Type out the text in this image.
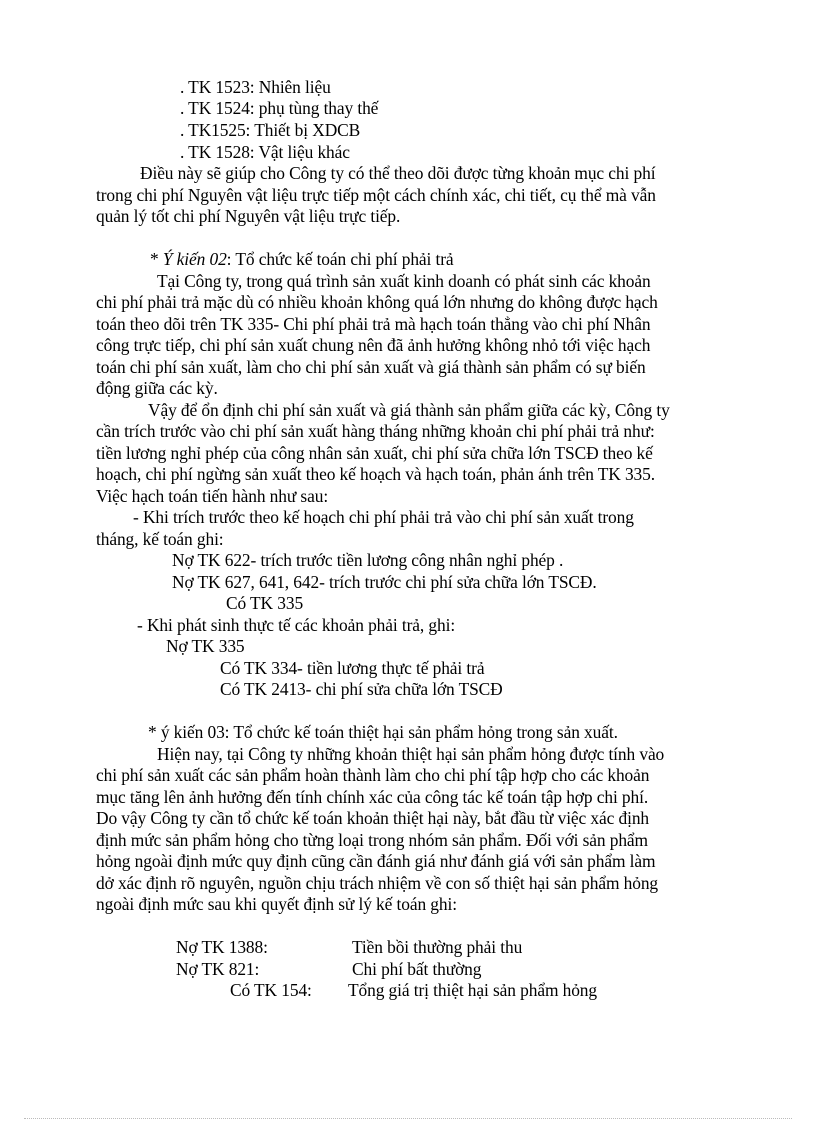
. TK 1523: Nhiên liệu
. TK 1524: phụ tùng thay thế
. TK1525: Thiết bị XDCB
. TK 1528: Vật liệu khác
Điều này sẽ giúp cho Công ty có thể theo dõi được từng khoản mục chi phí
trong chi phí Nguyên vật liệu trực tiếp một cách chính xác, chi tiết, cụ thể mà vẫn
quản lý tốt chi phí Nguyên vật liệu trực tiếp.
* Ý kiến 02: Tổ chức kế toán chi phí phải trả
Tại Công ty, trong quá trình sản xuất kinh doanh có phát sinh các khoản
chi phí phải trả mặc dù có nhiều khoản không quá lớn nhưng do không được hạch
toán theo dõi trên TK 335- Chi phí phải trả mà hạch toán thẳng vào chi phí Nhân
công trực tiếp, chi phí sản xuất chung nên đã ảnh hưởng không nhỏ tới việc hạch
toán chi phí sản xuất, làm cho chi phí sản xuất và giá thành sản phẩm có sự biến
động giữa các kỳ.
Vậy để ổn định chi phí sản xuất và giá thành sản phẩm giữa các kỳ, Công ty
cần trích trước vào chi phí sản xuất hàng tháng những khoản chi phí phải trả như:
tiền lương nghỉ phép của công nhân sản xuất, chi phí sửa chữa lớn TSCĐ theo kế
hoạch, chi phí ngừng sản xuất theo kế hoạch và hạch toán, phản ánh trên TK 335.
Việc hạch toán tiến hành như sau:
- Khi trích trước theo kế hoạch chi phí phải trả vào chi phí sản xuất trong
tháng, kế toán ghi:
Nợ TK 622- trích trước tiền lương công nhân nghỉ phép .
Nợ TK 627, 641, 642- trích trước chi phí sửa chữa lớn TSCĐ.
Có TK 335
- Khi phát sinh thực tế các khoản phải trả, ghi:
Nợ TK 335
Có TK 334- tiền lương thực tế phải trả
Có TK 2413- chi phí sửa chữa lớn TSCĐ
* ý kiến 03: Tổ chức kế toán thiệt hại sản phẩm hỏng trong sản xuất.
Hiện nay, tại Công ty những khoản thiệt hại sản phẩm hỏng được tính vào
chi phí sản xuất các sản phẩm hoàn thành làm cho chi phí tập hợp cho các khoản
mục tăng lên ảnh hưởng đến tính chính xác của công tác kế toán tập hợp chi phí.
Do vậy Công ty cần tổ chức kế toán khoản thiệt hại này, bắt đầu từ việc xác định
định mức sản phẩm hỏng cho từng loại trong nhóm sản phẩm. Đối với sản phẩm
hỏng ngoài định mức quy định cũng cần đánh giá như đánh giá với sản phẩm làm
dở xác định rõ nguyên, nguồn chịu trách nhiệm về con số thiệt hại sản phẩm hỏng
ngoài định mức sau khi quyết định sử lý kế toán ghi:
Nợ TK 1388:	Tiền bồi thường phải thu
Nợ TK 821:	Chi phí bất thường
Có TK 154: Tổng giá trị thiệt hại sản phẩm hỏng
